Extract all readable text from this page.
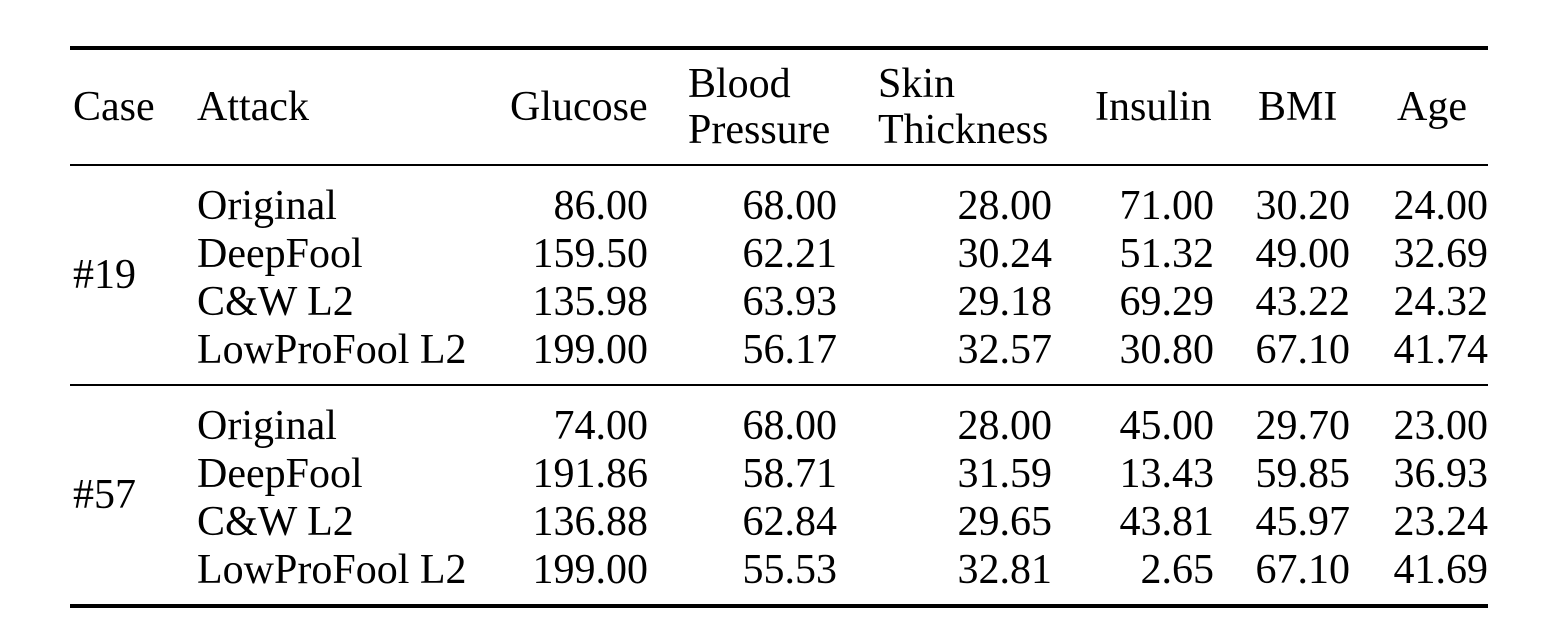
Case	Attack	Glucose	Blood Pressure	Skin Thickness	Insulin	BMI	Age
#19	Original	86.00	68.00	28.00	71.00	30.20	24.00
	DeepFool	159.50	62.21	30.24	51.32	49.00	32.69
	C&W L2	135.98	63.93	29.18	69.29	43.22	24.32
	LowProFool L2	199.00	56.17	32.57	30.80	67.10	41.74
#57	Original	74.00	68.00	28.00	45.00	29.70	23.00
	DeepFool	191.86	58.71	31.59	13.43	59.85	36.93
	C&W L2	136.88	62.84	29.65	43.81	45.97	23.24
	LowProFool L2	199.00	55.53	32.81	2.65	67.10	41.69
